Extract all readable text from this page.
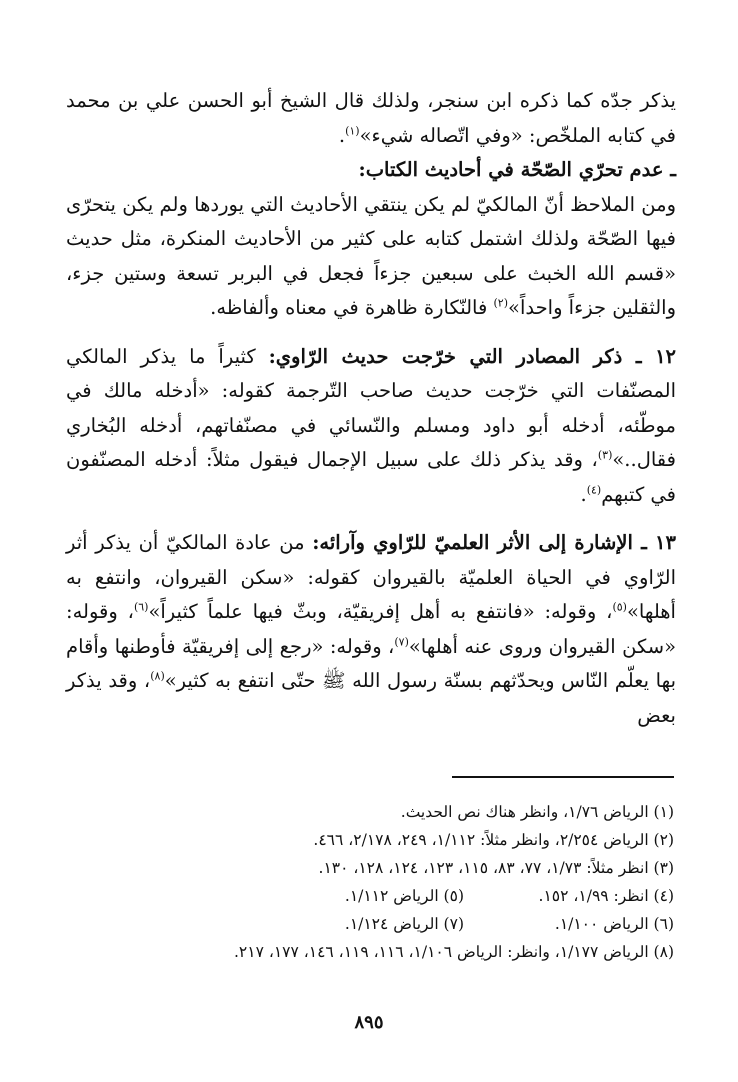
يذكر جدّه كما ذكره ابن سنجر، ولذلك قال الشيخ أبو الحسن علي بن محمد في كتابه الملخّص: «وفي اتّصاله شيء»$^{(١)}$.

ـ عدم تحرّي الصّحّة في أحاديث الكتاب:

ومن الملاحظ أنّ المالكيّ لم يكن ينتقي الأحاديث التي يوردها ولم يكن يتحرّى فيها الصّحّة ولذلك اشتمل كتابه على كثير من الأحاديث المنكرة، مثل حديث «قسم الله الخبث على سبعين جزءاً فجعل في البربر تسعة وستين جزء، والثقلين جزءاً واحداً»$^{(٢)}$ فالنّكارة ظاهرة في معناه وألفاظه.

١٢ ـ ذكر المصادر التي خرّجت حديث الرّاوي: كثيراً ما يذكر المالكي المصنّفات التي خرّجت حديث صاحب التّرجمة كقوله: «أدخله مالك في موطّئه، أدخله أبو داود ومسلم والنّسائي في مصنّفاتهم، أدخله البُخاري فقال..»$^{(٣)}$، وقد يذكر ذلك على سبيل الإجمال فيقول مثلاً: أدخله المصنّفون في كتبهم$^{(٤)}$.

١٣ ـ الإشارة إلى الأثر العلميّ للرّاوي وآرائه: من عادة المالكيّ أن يذكر أثر الرّاوي في الحياة العلميّة بالقيروان كقوله: «سكن القيروان، وانتفع به أهلها»$^{(٥)}$، وقوله: «فانتفع به أهل إفريقيّة، وبثّ فيها علماً كثيراً»$^{(٦)}$، وقوله: «سكن القيروان وروى عنه أهلها»$^{(٧)}$، وقوله: «رجع إلى إفريقيّة فأوطنها وأقام بها يعلّم النّاس ويحدّثهم بسنّة رسول الله ﷺ حتّى انتفع به كثير»$^{(٨)}$، وقد يذكر بعض

(١) الرياض ١/٧٦، وانظر هناك نص الحديث.

(٢) الرياض ٢/٢٥٤، وانظر مثلاً: ١/١١٢، ٢٤٩، ٢/١٧٨، ٤٦٦.

(٣) انظر مثلاً: ١/٧٣، ٧٧، ٨٣، ١١٥، ١٢٣، ١٢٤، ١٢٨، ١٣٠.

(٤) انظر: ١/٩٩، ١٥٢.
(٥) الرياض ١/١١٢.
(٦) الرياض ١/١٠٠.
(٧) الرياض ١/١٢٤.

(٨) الرياض ١/١٧٧، وانظر: الرياض ١/١٠٦، ١١٦، ١١٩، ١٤٦، ١٧٧، ٢١٧.

٨٩٥
